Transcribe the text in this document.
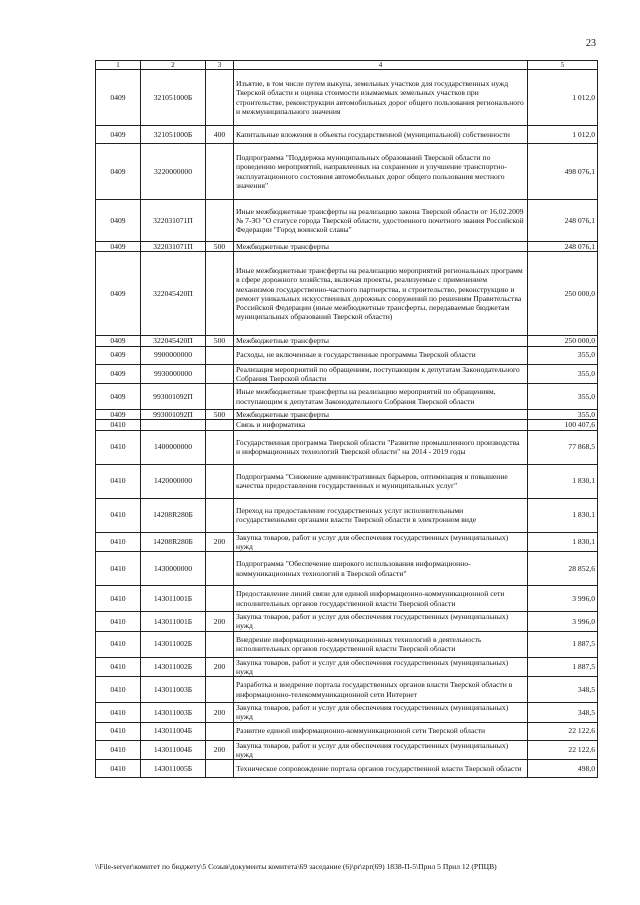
23
1	2	3	4	5
0409	321051000Б		Изъятие, в том числе путем выкупа, земельных участков для государственных нужд Тверской области и оценка стоимости изымаемых земельных участков при строительстве, реконструкции автомобильных дорог общего пользования регионального и межмуниципального значения	1 012,0
0409	321051000Б	400	Капитальные вложения в объекты государственной (муниципальной) собственности	1 012,0
0409	3220000000		Подпрограмма "Поддержка муниципальных образований Тверской области по проведению мероприятий, направленных на сохранение и улучшение транспортно-эксплуатационного состояния автомобильных дорог общего пользования местного значения"	498 076,1
0409	322031071П		Иные межбюджетные трансферты на реализацию закона Тверской области от 16.02.2009 № 7-ЗО "О статусе города Тверской области, удостоенного почетного звания Российской Федерации "Город воинской славы"	248 076,1
0409	322031071П	500	Межбюджетные трансферты	248 076,1
0409	322045420П		Иные межбюджетные трансферты на реализацию мероприятий региональных программ в сфере дорожного хозяйства, включая проекты, реализуемые с применением механизмов государственно-частного партнерства, и строительство, реконструкцию и ремонт уникальных искусственных дорожных сооружений по решениям Правительства Российской Федерации (иные межбюджетные трансферты, передаваемые бюджетам муниципальных образований Тверской области)	250 000,0
0409	322045420П	500	Межбюджетные трансферты	250 000,0
0409	9900000000		Расходы, не включенные в государственные программы Тверской области	355,0
0409	9930000000		Реализация мероприятий по обращениям, поступающим к депутатам Законодательного Собрания Тверской области	355,0
0409	993001092П		Иные межбюджетные трансферты на реализацию мероприятий по обращениям, поступающим к депутатам Законодательного Собрания Тверской области	355,0
0409	993001092П	500	Межбюджетные трансферты	355,0
0410			Связь и информатика	100 407,6
0410	1400000000		Государственная программа Тверской области "Развитие промышленного производства и информационных технологий Тверской области" на 2014 - 2019 годы	77 868,5
0410	1420000000		Подпрограмма "Снижение административных барьеров, оптимизация и повышение качества предоставления государственных и муниципальных услуг"	1 830,1
0410	14208R280Б		Переход на предоставление государственных услуг исполнительными государственными органами власти Тверской области в электронном виде	1 830,1
0410	14208R280Б	200	Закупка товаров, работ и услуг для обеспечения государственных (муниципальных) нужд	1 830,1
0410	1430000000		Подпрограмма "Обеспечение широкого использования информационно-коммуникационных технологий в Тверской области"	28 852,6
0410	143011001Б		Предоставление линий связи для единой информационно-коммуникационной сети исполнительных органов государственной власти Тверской области	3 996,0
0410	143011001Б	200	Закупка товаров, работ и услуг для обеспечения государственных (муниципальных) нужд	3 996,0
0410	143011002Б		Внедрение информационно-коммуникационных технологий в деятельность исполнительных органов государственной власти Тверской области	1 887,5
0410	143011002Б	200	Закупка товаров, работ и услуг для обеспечения государственных (муниципальных) нужд	1 887,5
0410	143011003Б		Разработка и внедрение портала государственных органов власти Тверской области в информационно-телекоммуникационной сети Интернет	348,5
0410	143011003Б	200	Закупка товаров, работ и услуг для обеспечения государственных (муниципальных) нужд	348,5
0410	143011004Б		Развитие единой информационно-коммуникационной сети Тверской области	22 122,6
0410	143011004Б	200	Закупка товаров, работ и услуг для обеспечения государственных (муниципальных) нужд	22 122,6
0410	143011005Б		Техническое сопровождение портала органов государственной власти Тверской области	498,0
\\File-server\комитет по бюджету\5 Созыв\документы комитета\69 заседание (6)\pr\zpr(69) 1838-П-5\Прил 5 Прил 12 (РПЦВ)
